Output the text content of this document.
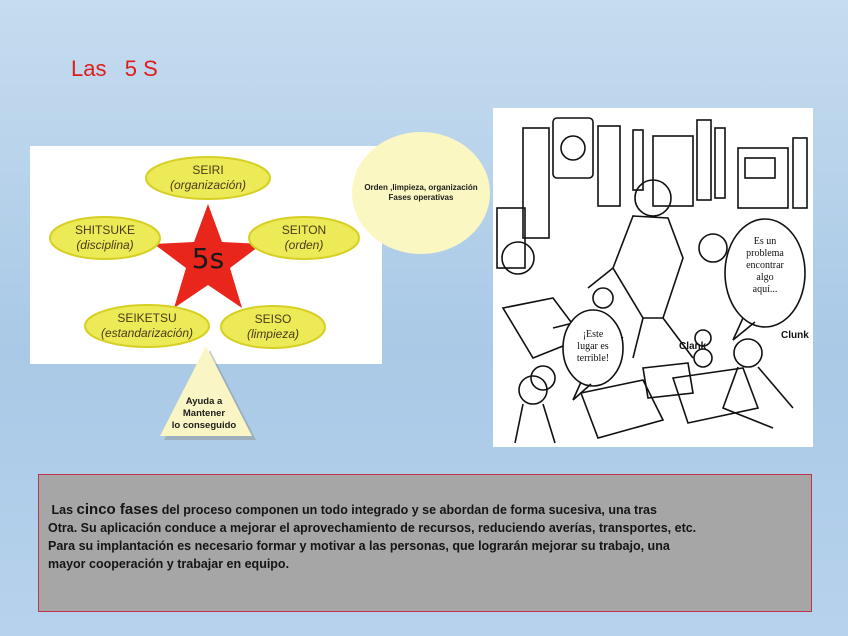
Las   5 S
5s
SEIRI
(organización)
SEITON
(orden)
SEISO
(limpieza)
SEIKETSU
(estandarización)
SHITSUKE
(disciplina)
Orden ,limpieza, organización
Fases operativas
Ayuda a
Mantener
lo conseguido
Es un
problema
encontrar
algo
aquí...
¡Este
lugar es
terrible!
Clank
Clunk

Las cinco fases del proceso componen un todo integrado y se abordan de forma sucesiva, una tras

Otra. Su aplicación conduce a mejorar el aprovechamiento de recursos, reduciendo averías, transportes, etc.

Para su implantación es necesario formar y motivar a las personas, que lograrán mejorar su trabajo, una

mayor cooperación y trabajar en equipo.
